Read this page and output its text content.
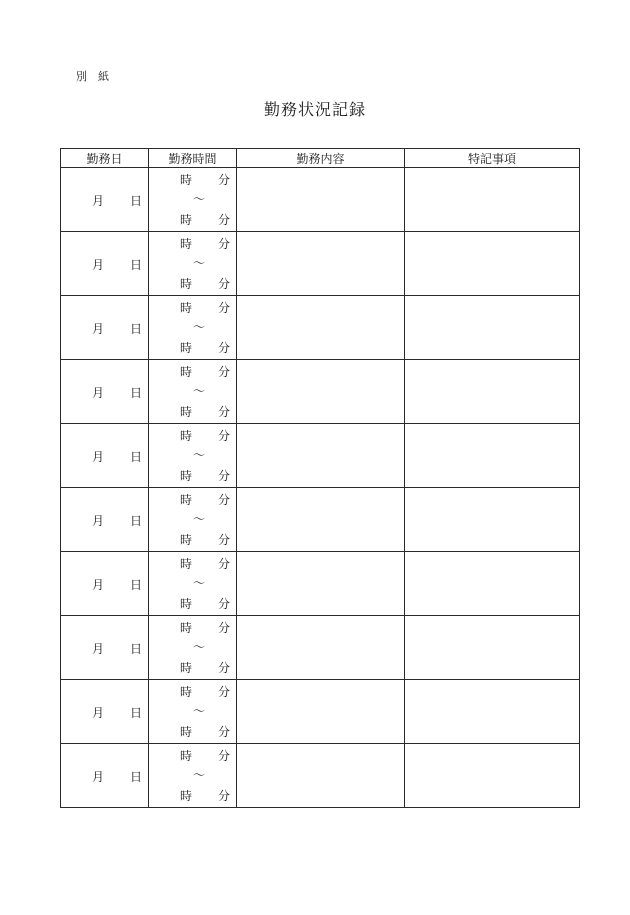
別　紙
勤務状況記録
勤務日	勤務時間	勤務内容	特記事項

月 日	時 分
〜
時 分		

月 日	時 分
〜
時 分		

月 日	時 分
〜
時 分		

月 日	時 分
〜
時 分		

月 日	時 分
〜
時 分		

月 日	時 分
〜
時 分		

月 日	時 分
〜
時 分		

月 日	時 分
〜
時 分		

月 日	時 分
〜
時 分		

月 日	時 分
〜
時 分		
